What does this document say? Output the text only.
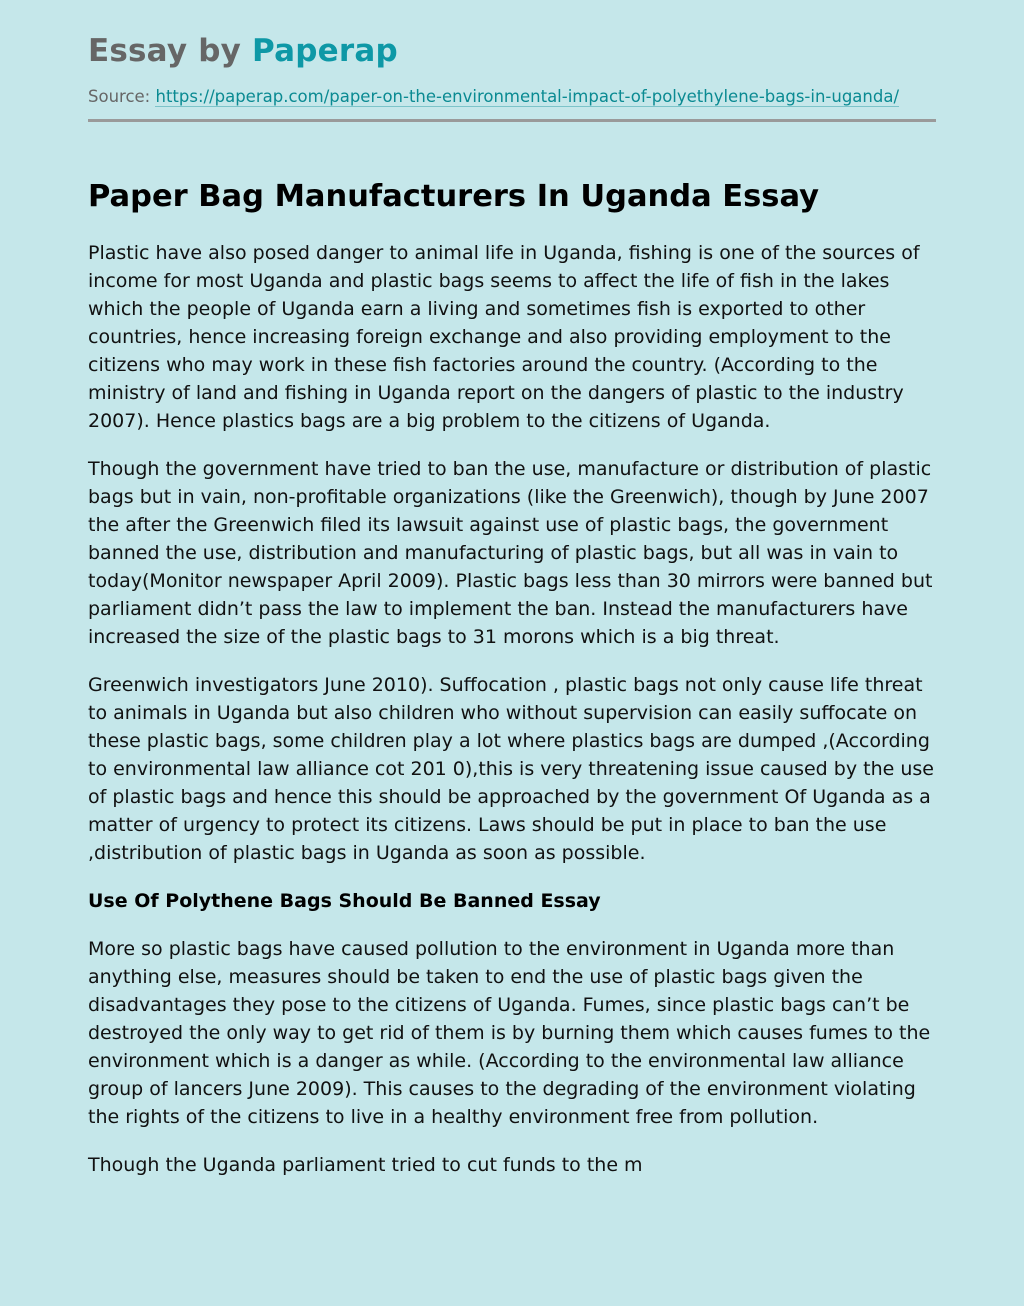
Essay by Paperap
Source: https://paperap.com/paper-on-the-environmental-impact-of-polyethylene-bags-in-uganda/
Paper Bag Manufacturers In Uganda Essay

Plastic have also posed danger to animal life in Uganda, fishing is one of the sources of income for most Uganda and plastic bags seems to affect the life of fish in the lakes which the people of Uganda earn a living and sometimes fish is exported to other countries, hence increasing foreign exchange and also providing employment to the citizens who may work in these fish factories around the country. (According to the ministry of land and fishing in Uganda report on the dangers of plastic to the industry 2007). Hence plastics bags are a big problem to the citizens of Uganda.

Though the government have tried to ban the use, manufacture or distribution of plastic bags but in vain, non-profitable organizations (like the Greenwich), though by June 2007 the after the Greenwich filed its lawsuit against use of plastic bags, the government banned the use, distribution and manufacturing of plastic bags, but all was in vain to today(Monitor newspaper April 2009). Plastic bags less than 30 mirrors were banned but parliament didn’t pass the law to implement the ban. Instead the manufacturers have increased the size of the plastic bags to 31 morons which is a big threat.

Greenwich investigators June 2010). Suffocation , plastic bags not only cause life threat to animals in Uganda but also children who without supervision can easily suffocate on these plastic bags, some children play a lot where plastics bags are dumped ,(According to environmental law alliance cot 201 0),this is very threatening issue caused by the use of plastic bags and hence this should be approached by the government Of Uganda as a matter of urgency to protect its citizens. Laws should be put in place to ban the use ,distribution of plastic bags in Uganda as soon as possible.

Use Of Polythene Bags Should Be Banned Essay

More so plastic bags have caused pollution to the environment in Uganda more than anything else, measures should be taken to end the use of plastic bags given the disadvantages they pose to the citizens of Uganda. Fumes, since plastic bags can’t be destroyed the only way to get rid of them is by burning them which causes fumes to the environment which is a danger as while. (According to the environmental law alliance group of lancers June 2009). This causes to the degrading of the environment violating the rights of the citizens to live in a healthy environment free from pollution.

Though the Uganda parliament tried to cut funds to the m
